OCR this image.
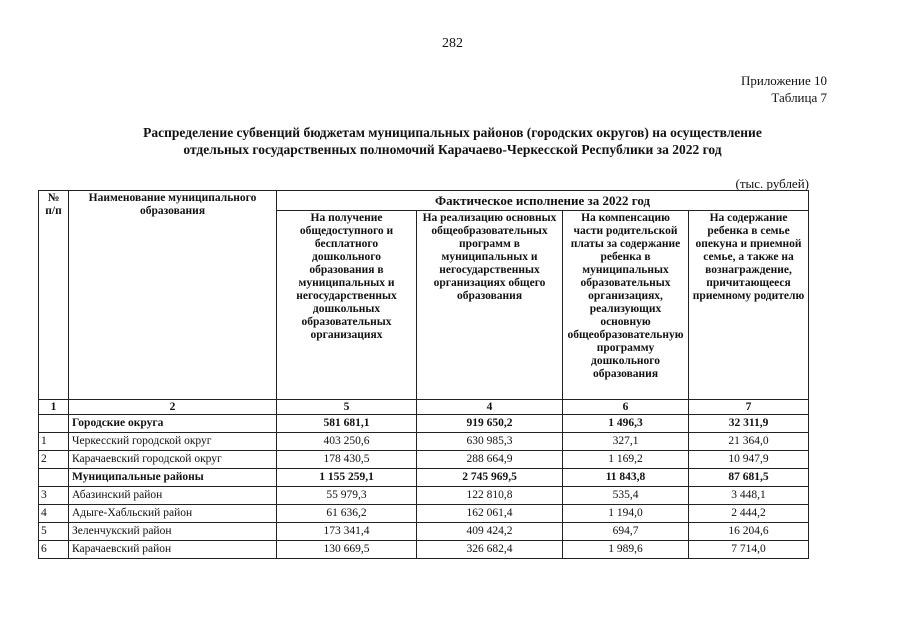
282
Приложение 10
Таблица 7
Распределение субвенций бюджетам муниципальных районов (городских округов) на осуществление
отдельных государственных полномочий Карачаево-Черкесской Республики за 2022 год
(тыс. рублей)
№ п/п	Наименование муниципального образования	Фактическое исполнение за 2022 год			
		На получение общедоступного и бесплатного дошкольного образования в муниципальных и негосударственных дошкольных образовательных организациях	На реализацию основных общеобразовательных программ в муниципальных и негосударственных организациях общего образования	На компенсацию части родительской платы за содержание ребенка в муниципальных образовательных организациях, реализующих основную общеобразовательную программу дошкольного образования	На содержание ребенка в семье опекуна и приемной семье, а также на вознаграждение, причитающееся приемному родителю
1	2	5	4	6	7
	Городские округа	581 681,1	919 650,2	1 496,3	32 311,9
1	Черкесский городской округ	403 250,6	630 985,3	327,1	21 364,0
2	Карачаевский городской округ	178 430,5	288 664,9	1 169,2	10 947,9
	Муниципальные районы	1 155 259,1	2 745 969,5	11 843,8	87 681,5
3	Абазинский район	55 979,3	122 810,8	535,4	3 448,1
4	Адыге-Хабльский район	61 636,2	162 061,4	1 194,0	2 444,2
5	Зеленчукский район	173 341,4	409 424,2	694,7	16 204,6
6	Карачаевский район	130 669,5	326 682,4	1 989,6	7 714,0
